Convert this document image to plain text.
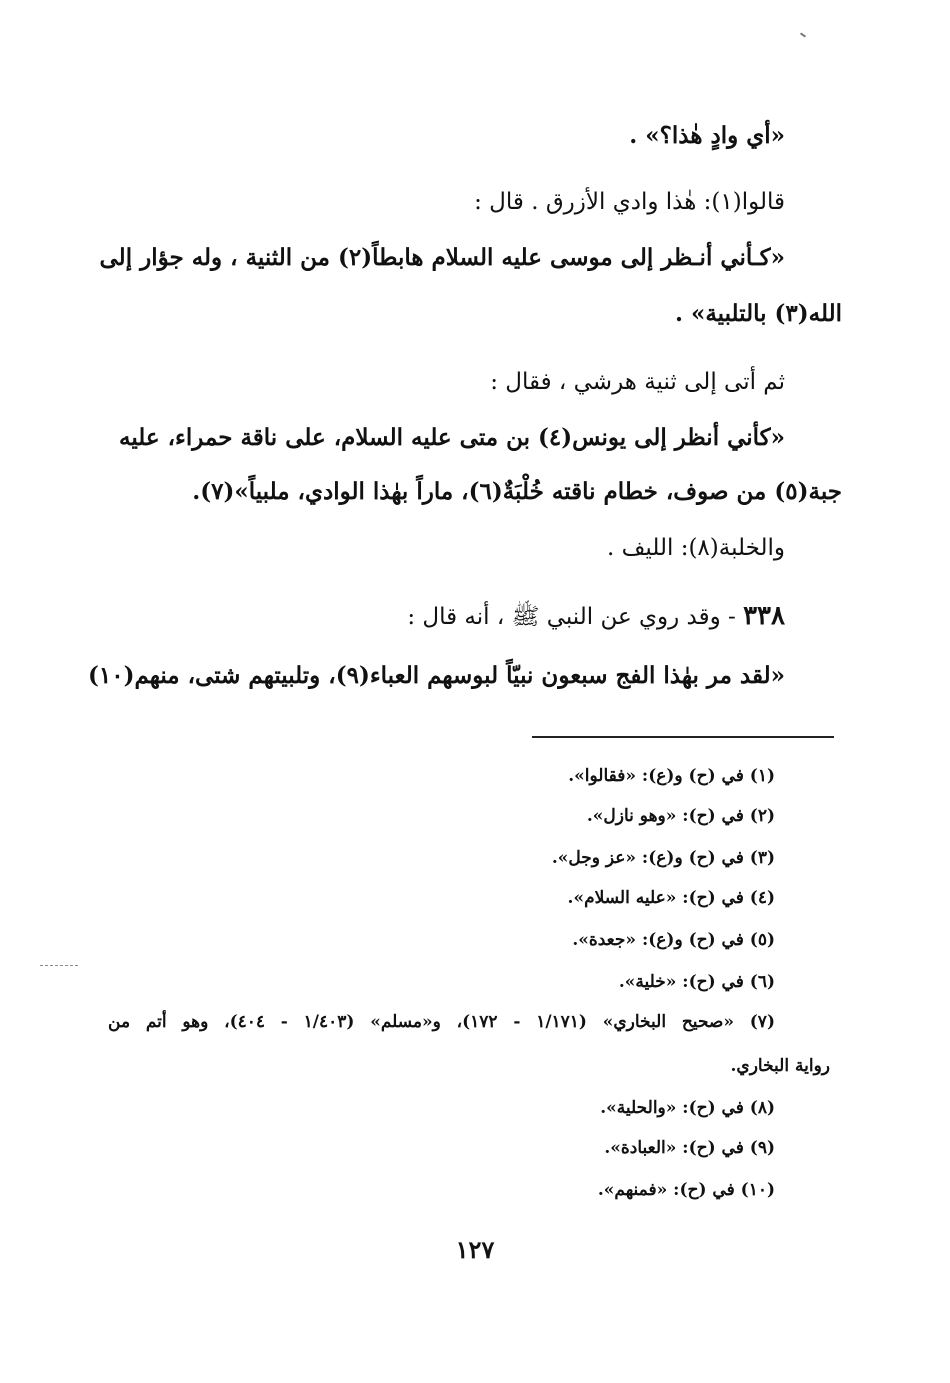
«أي وادٍ هٰذا؟» .
قالوا(١): هٰذا وادي الأزرق . قال :
«كـأني أنـظر إلى موسى عليه السلام هابطاً(٢) من الثنية ، وله جؤار إلى
الله(٣) بالتلبية» .
ثم أتى إلى ثنية هرشي ، فقال :
«كأني أنظر إلى يونس(٤) بن متى عليه السلام، على ناقة حمراء، عليه
جبة(٥) من صوف، خطام ناقته خُلْبَةٌ(٦)، ماراً بهٰذا الوادي، ملبياً»(٧).
والخلبة(٨): الليف .
٣٣٨ - وقد روي عن النبي ﷺ ، أنه قال :
«لقد مر بهٰذا الفج سبعون نبيّاً لبوسهم العباء(٩)، وتلبيتهم شتى، منهم(١٠)
(١) في (ح) و(ع): «فقالوا».
(٢) في (ح): «وهو نازل».
(٣) في (ح) و(ع): «عز وجل».
(٤) في (ح): «عليه السلام».
(٥) في (ح) و(ع): «جعدة».
(٦) في (ح): «خلية».
(٧) «صحيح البخاري» (١/١٧١ - ١٧٢)، و«مسلم» (١/٤٠٣ - ٤٠٤)، وهو أتم من
رواية البخاري.
(٨) في (ح): «والحلية».
(٩) في (ح): «العبادة».
(١٠) في (ح): «فمنهم».
١٢٧
